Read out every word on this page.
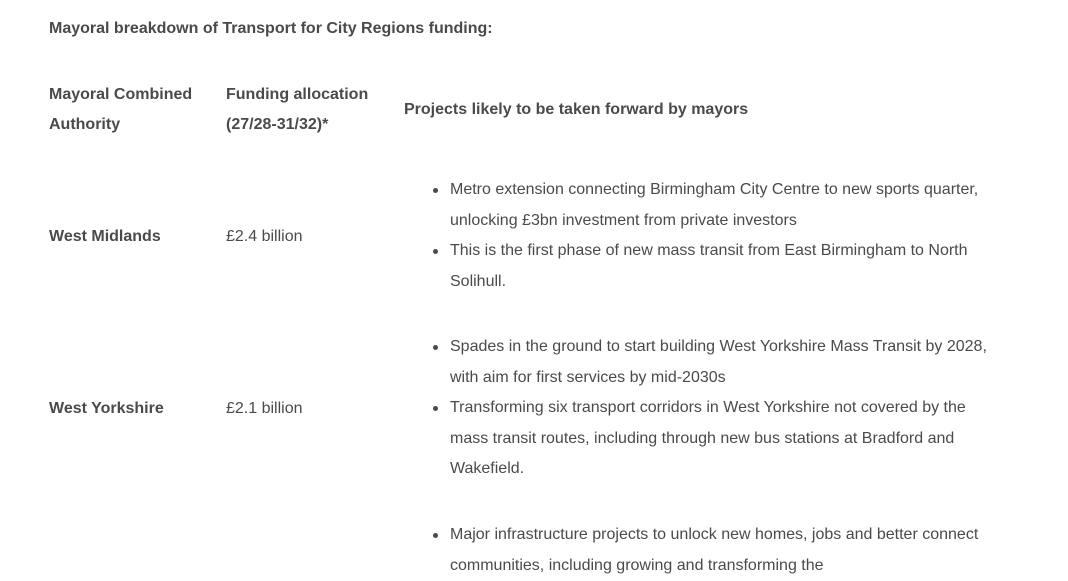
Mayoral breakdown of Transport for City Regions funding:
Mayoral Combined Authority
Funding allocation (27/28-31/32)*
Projects likely to be taken forward by mayors
West Midlands	£2.4 billion
Metro extension connecting Birmingham City Centre to new sports quarter, unlocking £3bn investment from private investors
This is the first phase of new mass transit from East Birmingham to North Solihull.
West Yorkshire	£2.1 billion
Spades in the ground to start building West Yorkshire Mass Transit by 2028, with aim for first services by mid-2030s
Transforming six transport corridors in West Yorkshire not covered by the mass transit routes, including through new bus stations at Bradford and Wakefield.
Major infrastructure projects to unlock new homes, jobs and better connect communities, including growing and transforming the
